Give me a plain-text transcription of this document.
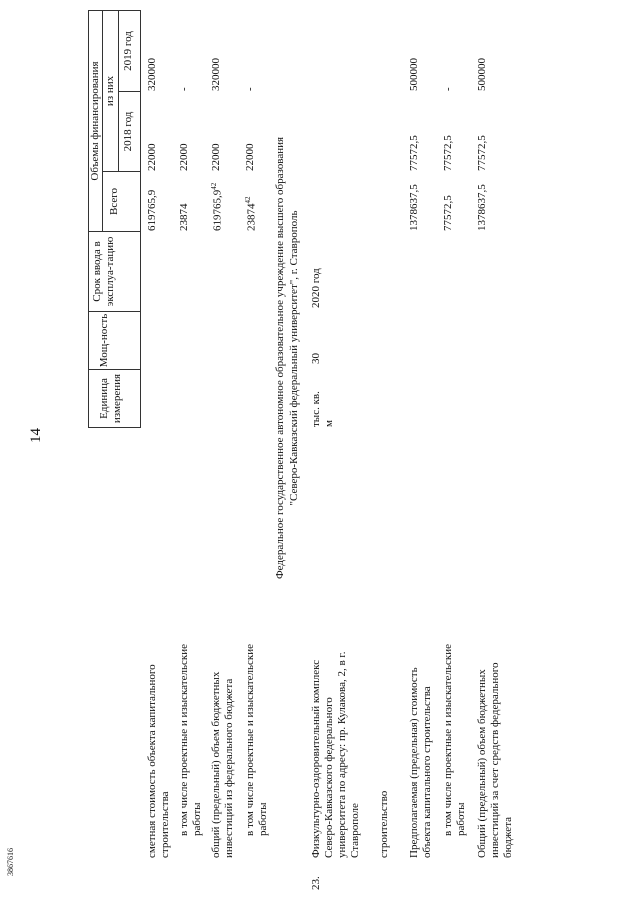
14
3867616
Единица измерения
Мощ-ность
Срок ввода в эксплуа-тацию
Всего
Объемы финансирования из них
2018 год
2019 год
сметная стоимость объекта капитального строительства
619765,9
22000
320000
в том числе проектные и изыскательские работы
23874
22000
-
общий (предельный) объем бюджетных инвестиций из федерального бюджета
619765,9$^{42}$
22000
320000
в том числе проектные и изыскательские работы
23874$^{42}$
22000
-
Федеральное государственное автономное образовательное учреждение высшего образования "Северо-Кавказский федеральный университет", г. Ставрополь
23.
Физкультурно-оздоровительный комплекс Северо-Кавказского федерального университета по адресу: пр. Кулакова, 2, в г. Ставрополе
тыс. кв. м
30
2020 год
строительство Предполагаемая (предельная) стоимость объекта капитального строительства
1378637,5
77572,5
500000
в том числе проектные и изыскательские работы
77572,5
77572,5
-
Общий (предельный) объем бюджетных инвестиций за счет средств федерального бюджета
1378637,5
77572,5
500000
